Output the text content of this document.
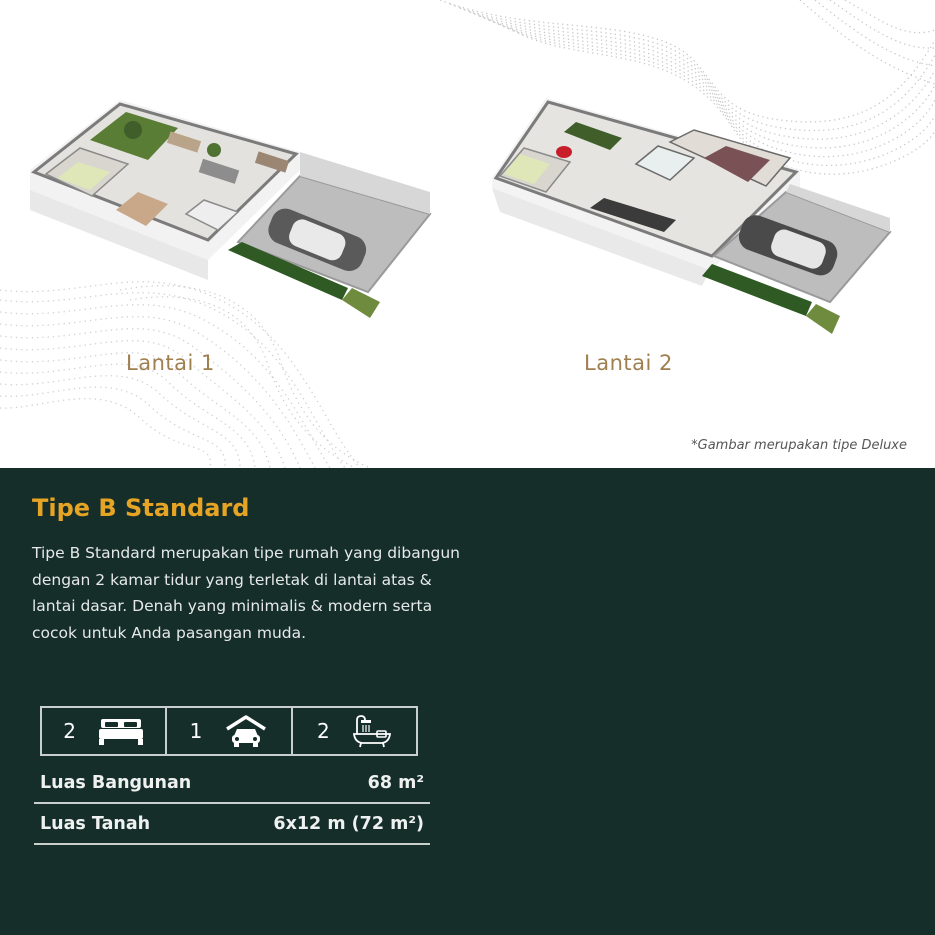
Lantai 1	Lantai 2
*Gambar merupakan tipe Deluxe
Tipe B Standard

Tipe B Standard merupakan tipe rumah yang dibangun dengan 2 kamar tidur yang terletak di lantai atas & lantai dasar. Denah yang minimalis & modern serta cocok untuk Anda pasangan muda.

2	1	2
Luas Bangunan	68 m²
Luas Tanah	6x12 m (72 m²)
